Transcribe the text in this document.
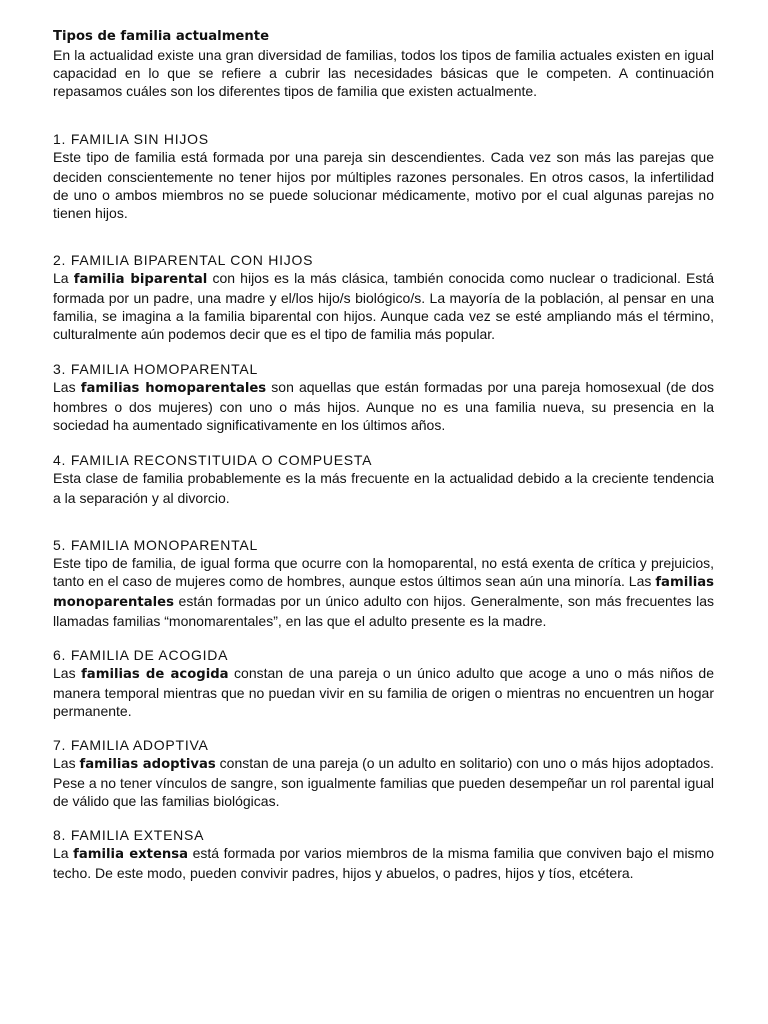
Tipos de familia actualmente

En la actualidad existe una gran diversidad de familias, todos los tipos de familia actuales existen en igual capacidad en lo que se refiere a cubrir las necesidades básicas que le competen. A continuación repasamos cuáles son los diferentes tipos de familia que existen actualmente.

1. FAMILIA SIN HIJOS

Este tipo de familia está formada por una pareja sin descendientes. Cada vez son más las parejas que deciden conscientemente no tener hijos por múltiples razones personales. En otros casos, la infertilidad de uno o ambos miembros no se puede solucionar médicamente, motivo por el cual algunas parejas no tienen hijos.

2. FAMILIA BIPARENTAL CON HIJOS

La familia biparental con hijos es la más clásica, también conocida como nuclear o tradicional. Está formada por un padre, una madre y el/los hijo/s biológico/s. La mayoría de la población, al pensar en una familia, se imagina a la familia biparental con hijos. Aunque cada vez se esté ampliando más el término, culturalmente aún podemos decir que es el tipo de familia más popular.

3. FAMILIA HOMOPARENTAL

Las familias homoparentales son aquellas que están formadas por una pareja homosexual (de dos hombres o dos mujeres) con uno o más hijos. Aunque no es una familia nueva, su presencia en la sociedad ha aumentado significativamente en los últimos años.

4. FAMILIA RECONSTITUIDA O COMPUESTA

Esta clase de familia probablemente es la más frecuente en la actualidad debido a la creciente tendencia a la separación y al divorcio.

5. FAMILIA MONOPARENTAL

Este tipo de familia, de igual forma que ocurre con la homoparental, no está exenta de crítica y prejuicios, tanto en el caso de mujeres como de hombres, aunque estos últimos sean aún una minoría. Las familias monoparentales están formadas por un único adulto con hijos. Generalmente, son más frecuentes las llamadas familias “monomarentales”, en las que el adulto presente es la madre.

6. FAMILIA DE ACOGIDA

Las familias de acogida constan de una pareja o un único adulto que acoge a uno o más niños de manera temporal mientras que no puedan vivir en su familia de origen o mientras no encuentren un hogar permanente.

7. FAMILIA ADOPTIVA

Las familias adoptivas constan de una pareja (o un adulto en solitario) con uno o más hijos adoptados. Pese a no tener vínculos de sangre, son igualmente familias que pueden desempeñar un rol parental igual de válido que las familias biológicas.

8. FAMILIA EXTENSA

La familia extensa está formada por varios miembros de la misma familia que conviven bajo el mismo techo. De este modo, pueden convivir padres, hijos y abuelos, o padres, hijos y tíos, etcétera.
